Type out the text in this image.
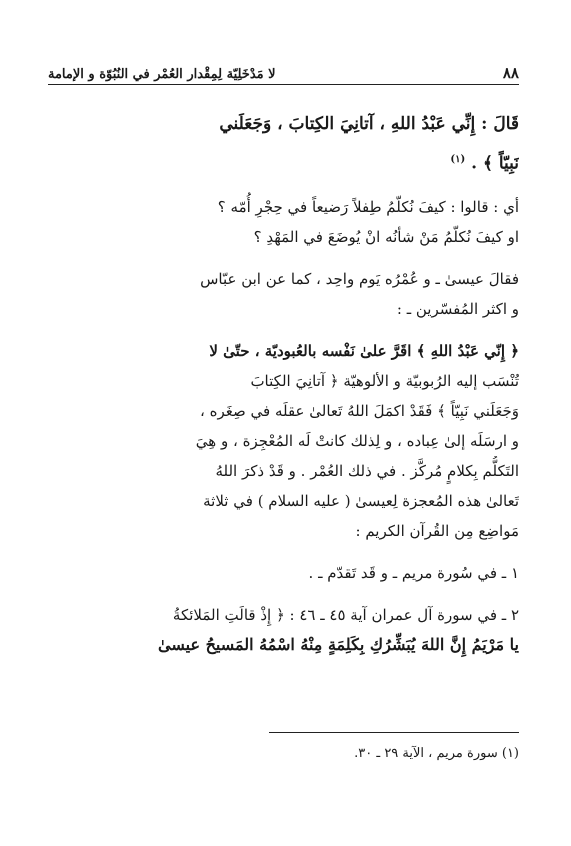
٨٨
لا مَدْخَلِيّة لِمِقْدار العُمْر في النُبُوّة و الإمامة
قَالَ : إِنِّي عَبْدُ اللهِ ، آتانِيَ الكِتابَ ، وَجَعَلَني
نَبِيّاً ﴾ . $^{(١)}$
أي : قالوا : كيفَ نُكلّمُ طِفلاً رَضيعاً في حِجْرِ أُمّه ؟
او كيفَ نُكلّمُ مَنْ شأنُه انْ يُوضَعَ في المَهْدِ ؟
فقالَ عيسىٰ ـ و عُمْرُه يَوم واحِد ، كما عن ابن عبّاس
و اكثر المُفسّرين ـ :
﴿ إِنّي عَبْدُ اللهِ ﴾ اقَرَّ علىٰ نَفْسه بالعُبوديّة ، حتّىٰ لا
تُنْسَب إليه الرُبوبيّة و الألوهيّة ﴿ آتانِيَ الكِتابَ
وَجَعَلَني نَبِيّاً ﴾ فَقَدْ اكمَلَ اللهُ تَعالىٰ عقلَه في صِغَره ،
و ارسَلَه إلىٰ عِباده ، و لِذلك كانتْ لَه المُعْجِزة ، و هِيَ
التَكلُّم بِكلامٍ مُركَّز . في ذلك العُمْر . و قَدْ ذكرَ اللهُ
تَعالىٰ هذه المُعجزة لِعيسىٰ ( عليه السلام ) في ثلاثة
مَواضِع مِن القُرآن الكريم :
١ ـ في سُورة مريم ـ و قَد تَقدّم ـ .
٢ ـ في سورة آل عمران آية ٤٥ ـ ٤٦ : ﴿ إِذْ قالَتِ المَلائكةُ
يا مَرْيَمُ إِنَّ اللهَ يُبَشِّرُكِ بِكَلِمَةٍ مِنْهُ اسْمُهُ المَسيحُ عيسىٰ
(١) سورة مريم ، الآية ٢٩ ـ ٣٠.
